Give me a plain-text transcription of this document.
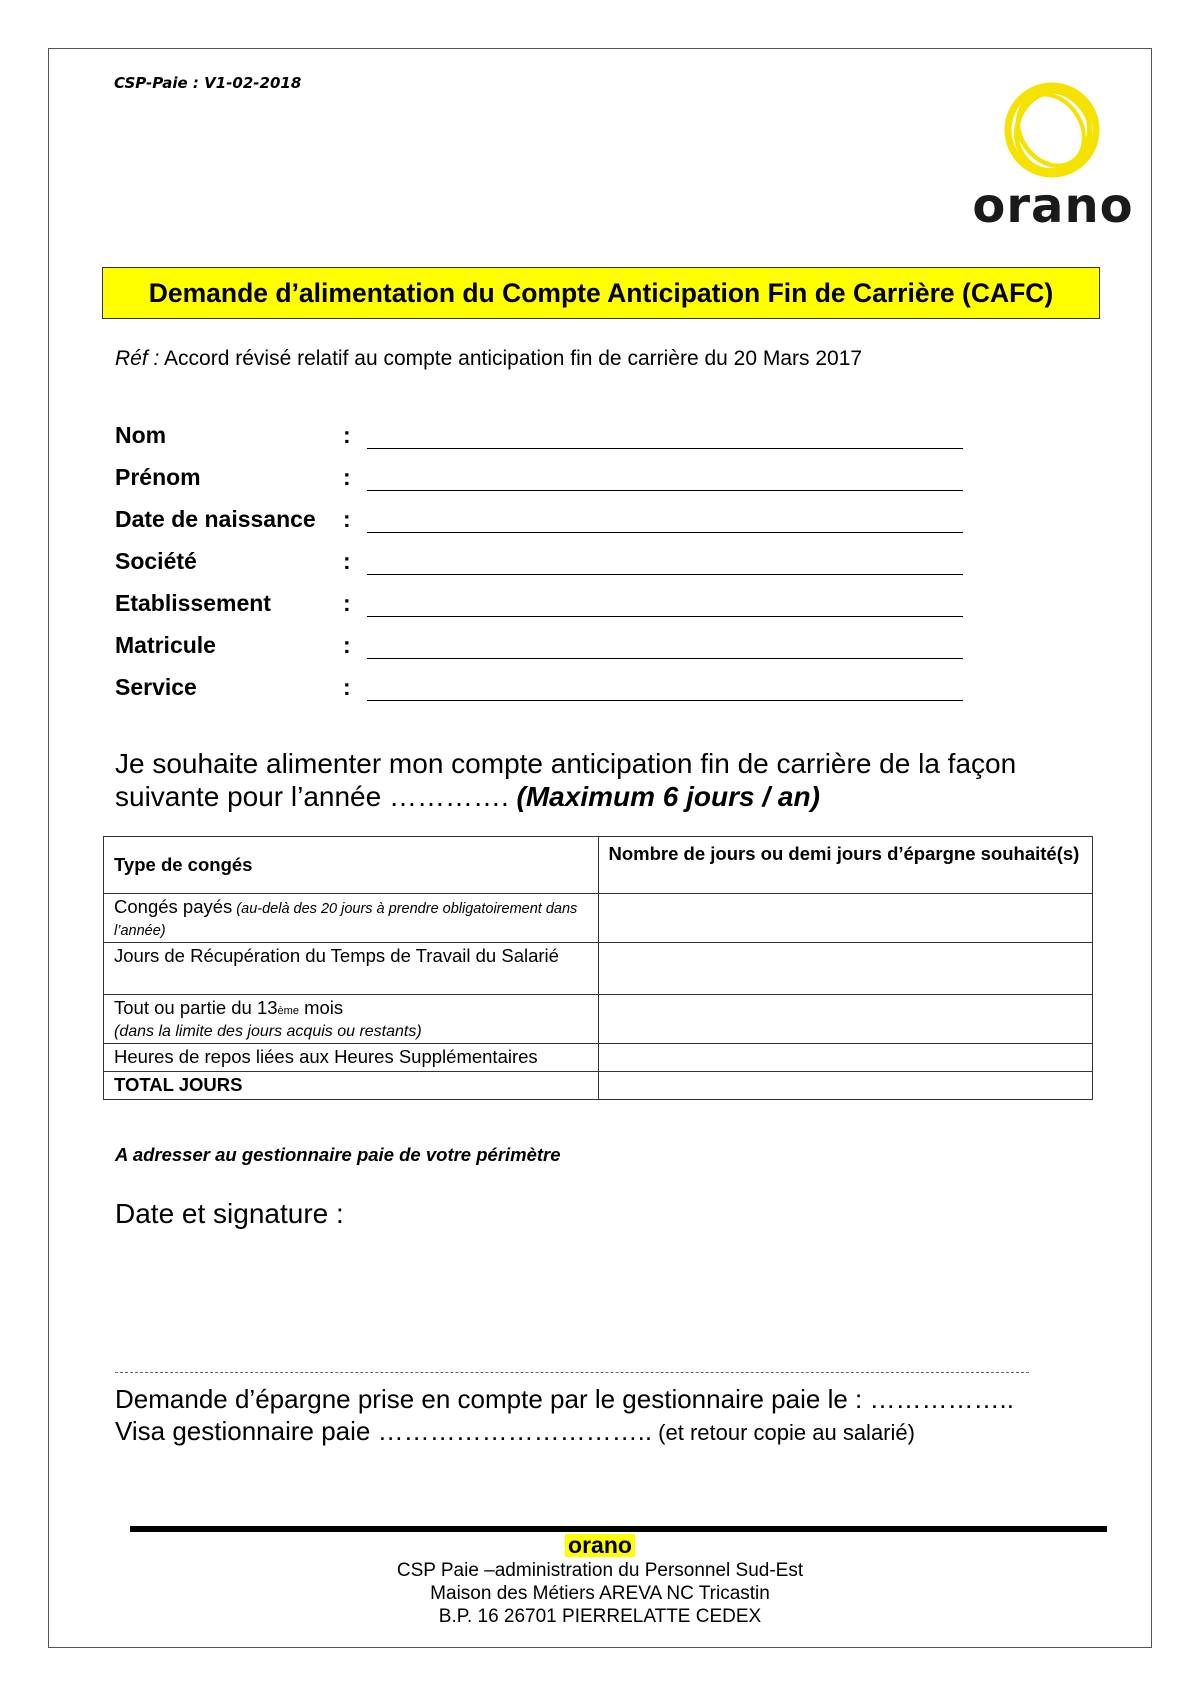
CSP-Paie : V1-02-2018
orano
Demande d’alimentation du Compte Anticipation Fin de Carrière (CAFC)
Réf : Accord révisé relatif au compte anticipation fin de carrière du 20 Mars 2017
Nom	:
Prénom	:
Date de naissance :
Société	:
Etablissement	:
Matricule	:
Service	:
Je souhaite alimenter mon compte anticipation fin de carrière de la façon
suivante pour l’année …………. (Maximum 6 jours / an)
Type de congés	Nombre de jours ou demi jours d’épargne souhaité(s)
Congés payés (au-delà des 20 jours à prendre obligatoirement dans l’année)	
Jours de Récupération du Temps de Travail du Salarié	
Tout ou partie du 13ème mois
(dans la limite des jours acquis ou restants)	
Heures de repos liées aux Heures Supplémentaires	
TOTAL JOURS	
A adresser au gestionnaire paie de votre périmètre
Date et signature :
Demande d’épargne prise en compte par le gestionnaire paie le : ……………..
Visa gestionnaire paie ………………………….. (et retour copie au salarié)
orano
CSP Paie –administration du Personnel Sud-Est
Maison des Métiers AREVA NC Tricastin
B.P. 16 26701 PIERRELATTE CEDEX
